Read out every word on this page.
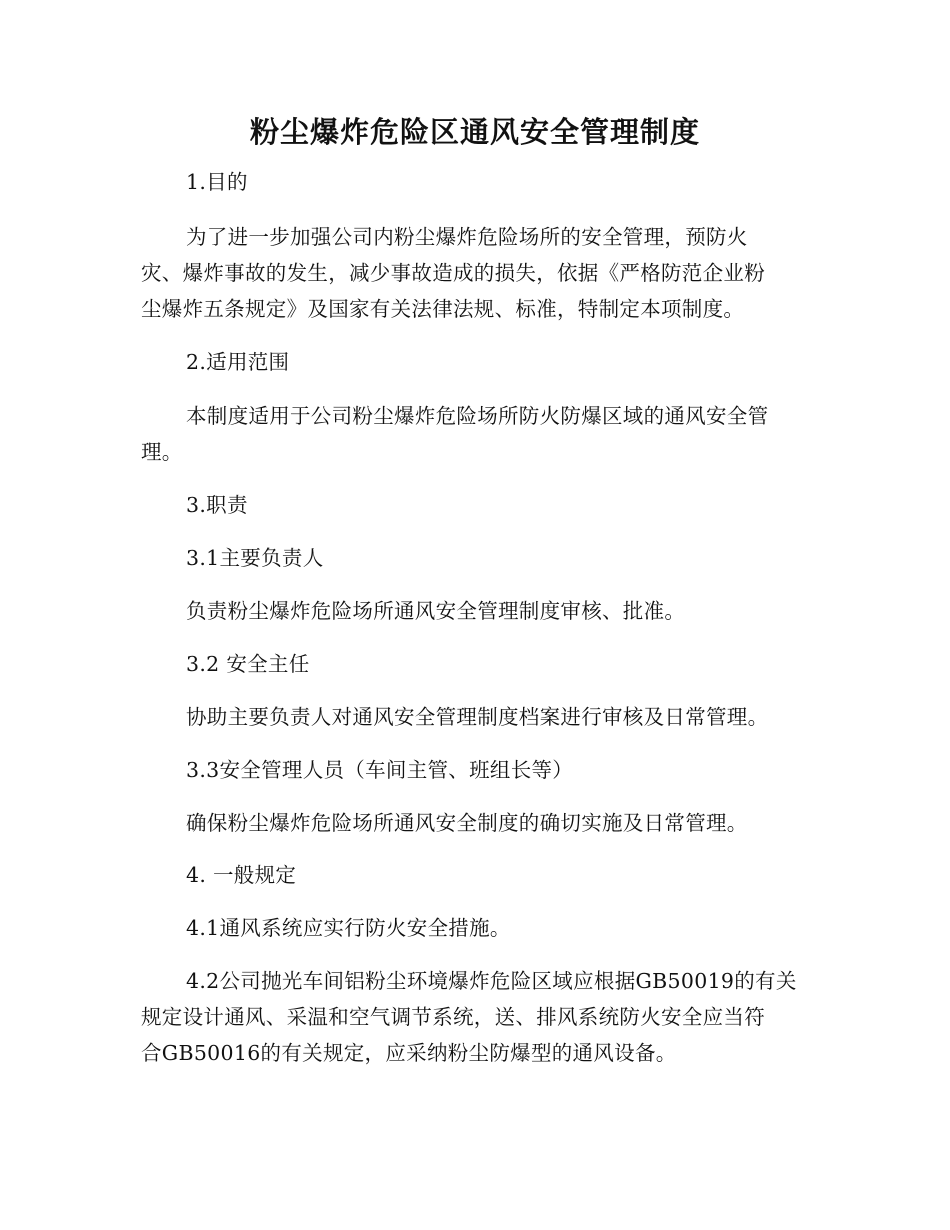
粉尘爆炸危险区通风安全管理制度
1.目的
为了进一步加强公司内粉尘爆炸危险场所的安全管理，预防火
灾、爆炸事故的发生，减少事故造成的损失，依据《严格防范企业粉
尘爆炸五条规定》及国家有关法律法规、标准，特制定本项制度。
2.适用范围
本制度适用于公司粉尘爆炸危险场所防火防爆区域的通风安全管
理。
3.职责
3.1主要负责人
负责粉尘爆炸危险场所通风安全管理制度审核、批准。
3.2 安全主任
协助主要负责人对通风安全管理制度档案进行审核及日常管理。
3.3安全管理人员（车间主管、班组长等）
确保粉尘爆炸危险场所通风安全制度的确切实施及日常管理。
4. 一般规定
4.1通风系统应实行防火安全措施。
4.2公司抛光车间铝粉尘环境爆炸危险区域应根据GB50019的有关
规定设计通风、采温和空气调节系统，送、排风系统防火安全应当符
合GB50016的有关规定，应采纳粉尘防爆型的通风设备。
